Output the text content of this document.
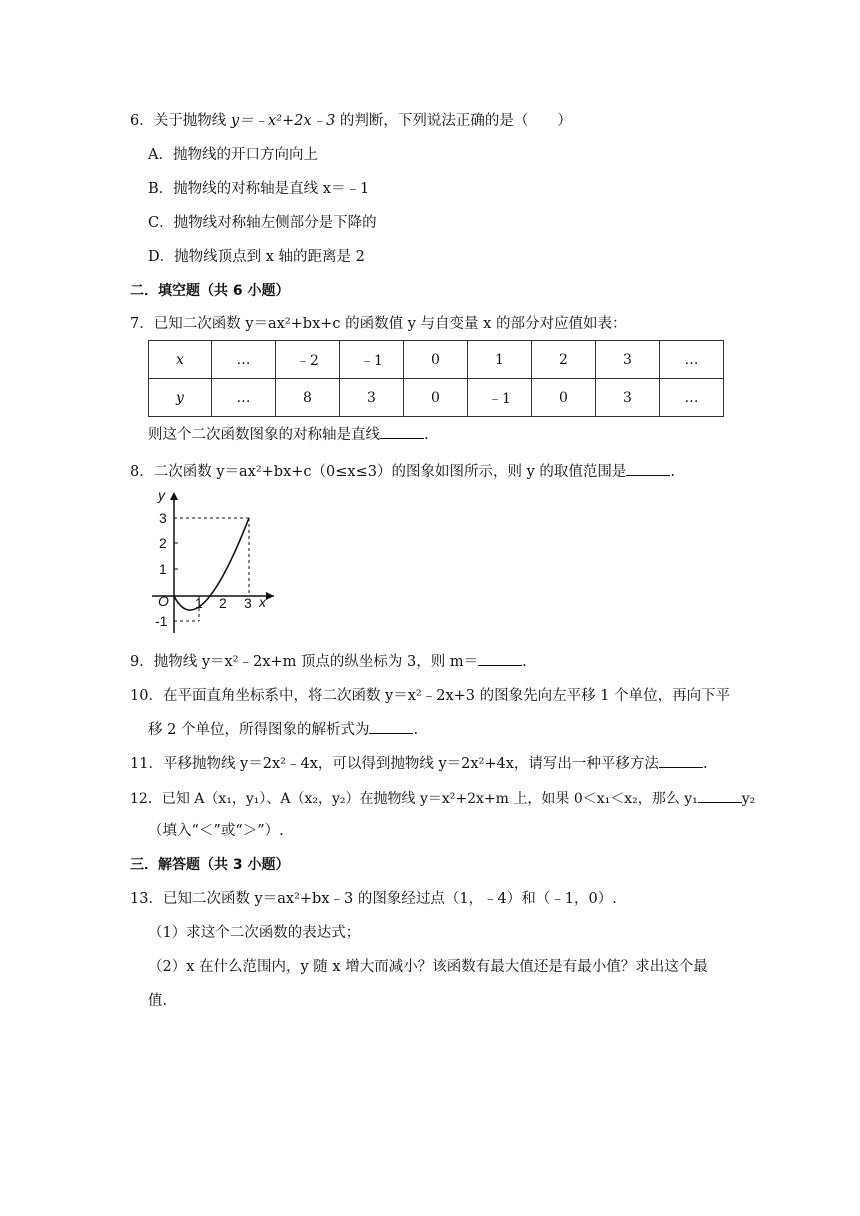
6．关于抛物线 y＝﹣x²+2x﹣3 的判断，下列说法正确的是（　　）
A．抛物线的开口方向向上
B．抛物线的对称轴是直线 x＝﹣1
C．抛物线对称轴左侧部分是下降的
D．抛物线顶点到 x 轴的距离是 2
二．填空题（共 6 小题）
7．已知二次函数 y＝ax²+bx+c 的函数值 y 与自变量 x 的部分对应值如表：
x	…	﹣2	﹣1	0	1	2	3	…
y	…	8	3	0	﹣1	0	3	…
则这个二次函数图象的对称轴是直线	.
8．二次函数 y＝ax²+bx+c（0≤x≤3）的图象如图所示，则 y 的取值范围是	.
y
x
O 1 2 3
3
2
1
-1
9．抛物线 y＝x²﹣2x+m 顶点的纵坐标为 3，则 m＝	.
10．在平面直角坐标系中，将二次函数 y＝x²﹣2x+3 的图象先向左平移 1 个单位，再向下平
移 2 个单位，所得图象的解析式为	.
11．平移抛物线 y＝2x²﹣4x，可以得到抛物线 y＝2x²+4x，请写出一种平移方法	.
12．已知 A（x₁，y₁）、A（x₂，y₂）在抛物线 y＝x²+2x+m 上，如果 0＜x₁＜x₂，那么 y₁	y₂
（填入“＜”或“＞”）.
三．解答题（共 3 小题）
13．已知二次函数 y＝ax²+bx﹣3 的图象经过点（1，﹣4）和（﹣1，0）.
（1）求这个二次函数的表达式；
（2）x 在什么范围内，y 随 x 增大而减小？该函数有最大值还是有最小值？求出这个最
值.
